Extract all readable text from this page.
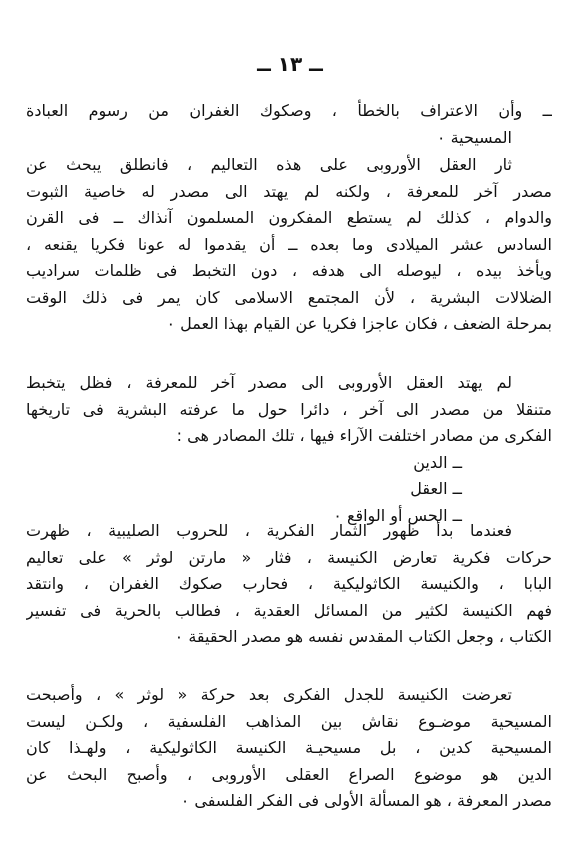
ــ ١٣ ــ
ــ وأن الاعتراف بالخطأ ، وصكوك الغفران من رسوم العبادة
المسيحية ٠
ثار العقل الأوروبى على هذه التعاليم ، فانطلق يبحث عن
مصدر آخر للمعرفة ، ولكنه لم يهتد الى مصدر له خاصية الثبوت
والدوام ، كذلك لم يستطع المفكرون المسلمون آنذاك ــ فى القرن
السادس عشر الميلادى وما بعده ــ أن يقدموا له عونا فكريا يقنعه ،
ويأخذ بيده ، ليوصله الى هدفه ، دون التخبط فى ظلمات سراديب
الضلالات البشرية ، لأن المجتمع الاسلامى كان يمر فى ذلك الوقت
بمرحلة الضعف ، فكان عاجزا فكريا عن القيام بهذا العمل ٠
لم يهتد العقل الأوروبى الى مصدر آخر للمعرفة ، فظل يتخبط
متنقلا من مصدر الى آخر ، دائرا حول ما عرفته البشرية فى تاريخها
الفكرى من مصادر اختلفت الآراء فيها ، تلك المصادر هى :
ــ الدين
ــ العقل
ــ الحس أو الواقع ٠
فعندما بدأ ظهور الثمار الفكرية ، للحروب الصليبية ، ظهرت
حركات فكرية تعارض الكنيسة ، فثار « مارتن لوثر » على تعاليم
البابا ، والكنيسة الكاثوليكية ، فحارب صكوك الغفران ، وانتقد
فهم الكنيسة لكثير من المسائل العقدية ، فطالب بالحرية فى تفسير
الكتاب ، وجعل الكتاب المقدس نفسه هو مصدر الحقيقة ٠
تعرضت الكنيسة للجدل الفكرى بعد حركة « لوثر » ، وأصبحت
المسيحية موضـوع نقاش بين المذاهب الفلسفية ، ولكـن ليست
المسيحية كدين ، بل مسيحيـة الكنيسة الكاثوليكية ، ولهـذا كان
الدين هو موضوع الصراع العقلى الأوروبى ، وأصبح البحث عن
مصدر المعرفة ، هو المسألة الأولى فى الفكر الفلسفى ٠
